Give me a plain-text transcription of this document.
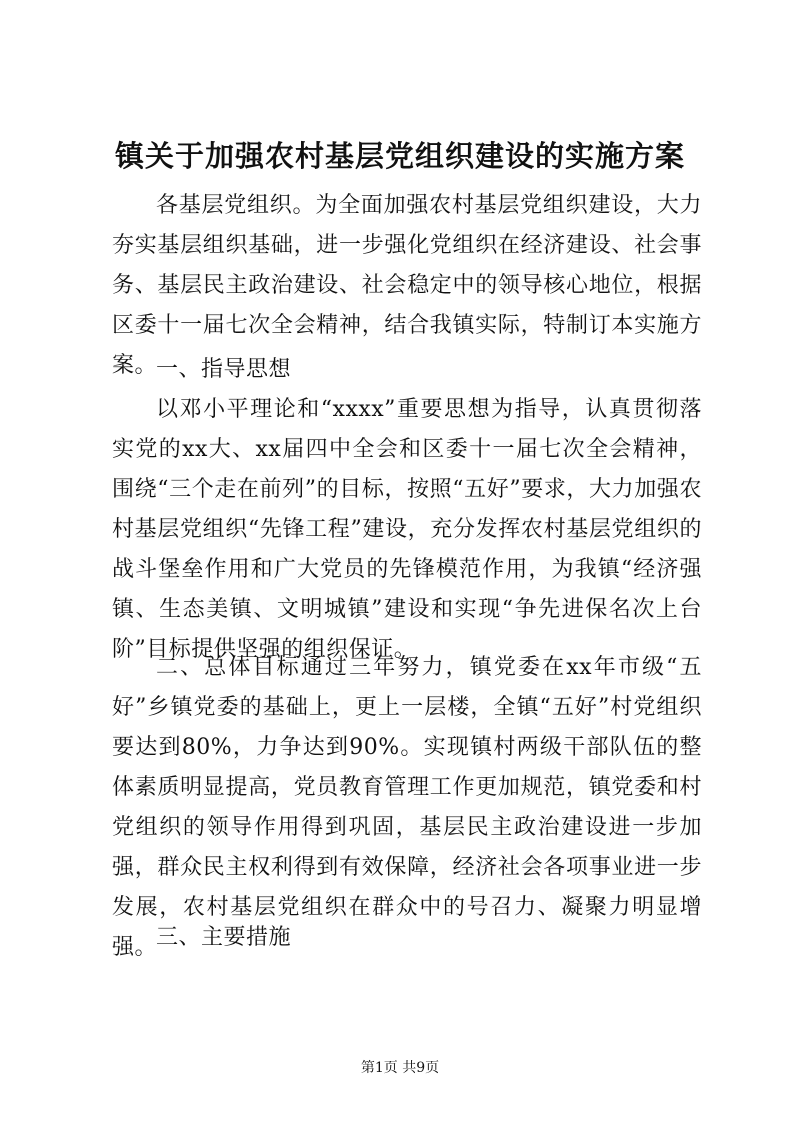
镇关于加强农村基层党组织建设的实施方案
各基层党组织。为全面加强农村基层党组织建设，大力夯实基层组织基础，进一步强化党组织在经济建设、社会事务、基层民主政治建设、社会稳定中的领导核心地位，根据区委十一届七次全会精神，结合我镇实际，特制订本实施方案。
一、指导思想
以邓小平理论和“xxxx”重要思想为指导，认真贯彻落实党的xx大、xx届四中全会和区委十一届七次全会精神，围绕“三个走在前列”的目标，按照“五好”要求，大力加强农村基层党组织“先锋工程”建设，充分发挥农村基层党组织的战斗堡垒作用和广大党员的先锋模范作用，为我镇“经济强镇、生态美镇、文明城镇”建设和实现“争先进保名次上台阶”目标提供坚强的组织保证。
二、总体目标通过三年努力，镇党委在xx年市级“五好”乡镇党委的基础上，更上一层楼，全镇“五好”村党组织要达到80%，力争达到90%。实现镇村两级干部队伍的整体素质明显提高，党员教育管理工作更加规范，镇党委和村党组织的领导作用得到巩固，基层民主政治建设进一步加强，群众民主权利得到有效保障，经济社会各项事业进一步发展，农村基层党组织在群众中的号召力、凝聚力明显增强。
三、主要措施
第1页 共9页
